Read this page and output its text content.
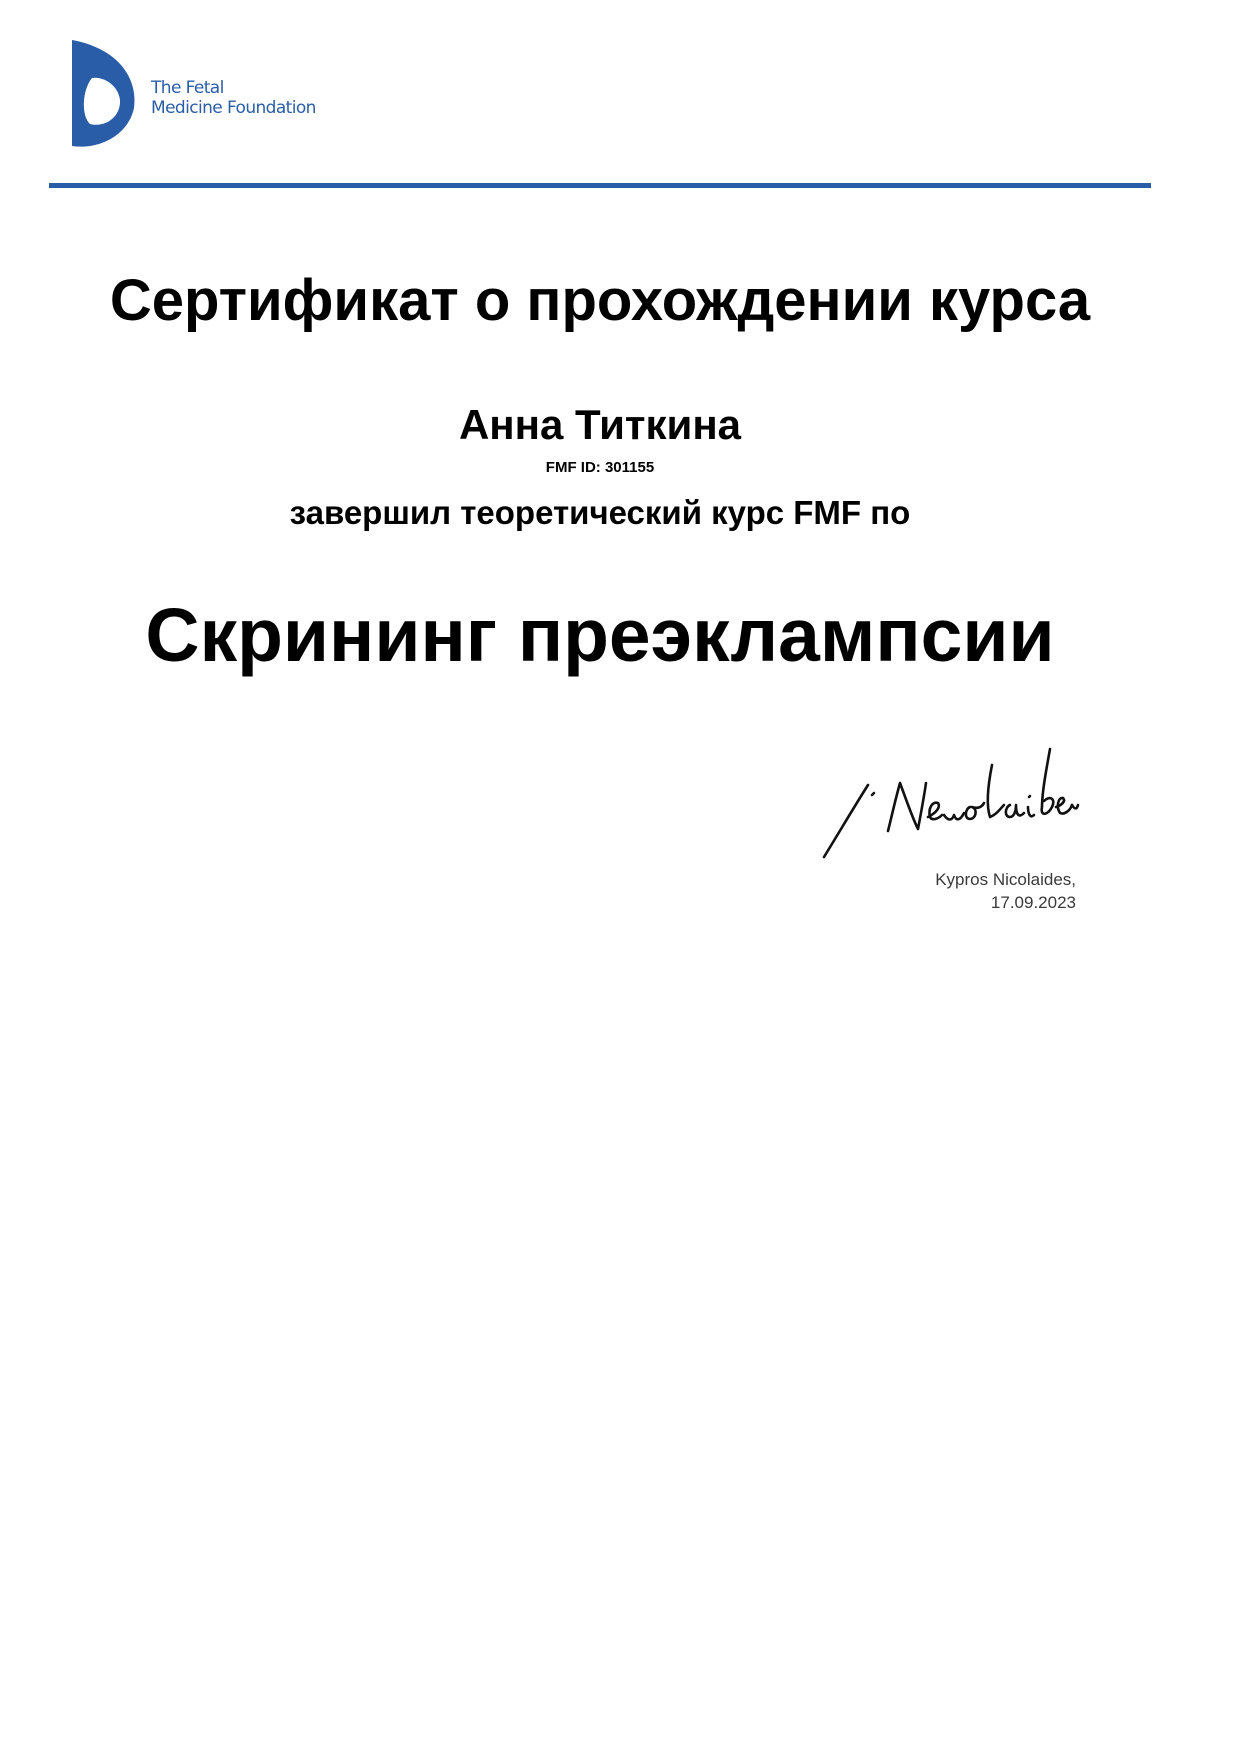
The Fetal
Medicine Foundation
Сертификат о прохождении курса
Анна Титкина
FMF ID: 301155
завершил теоретический курс FMF по
Скрининг преэклампсии
Kypros Nicolaides,
17.09.2023
